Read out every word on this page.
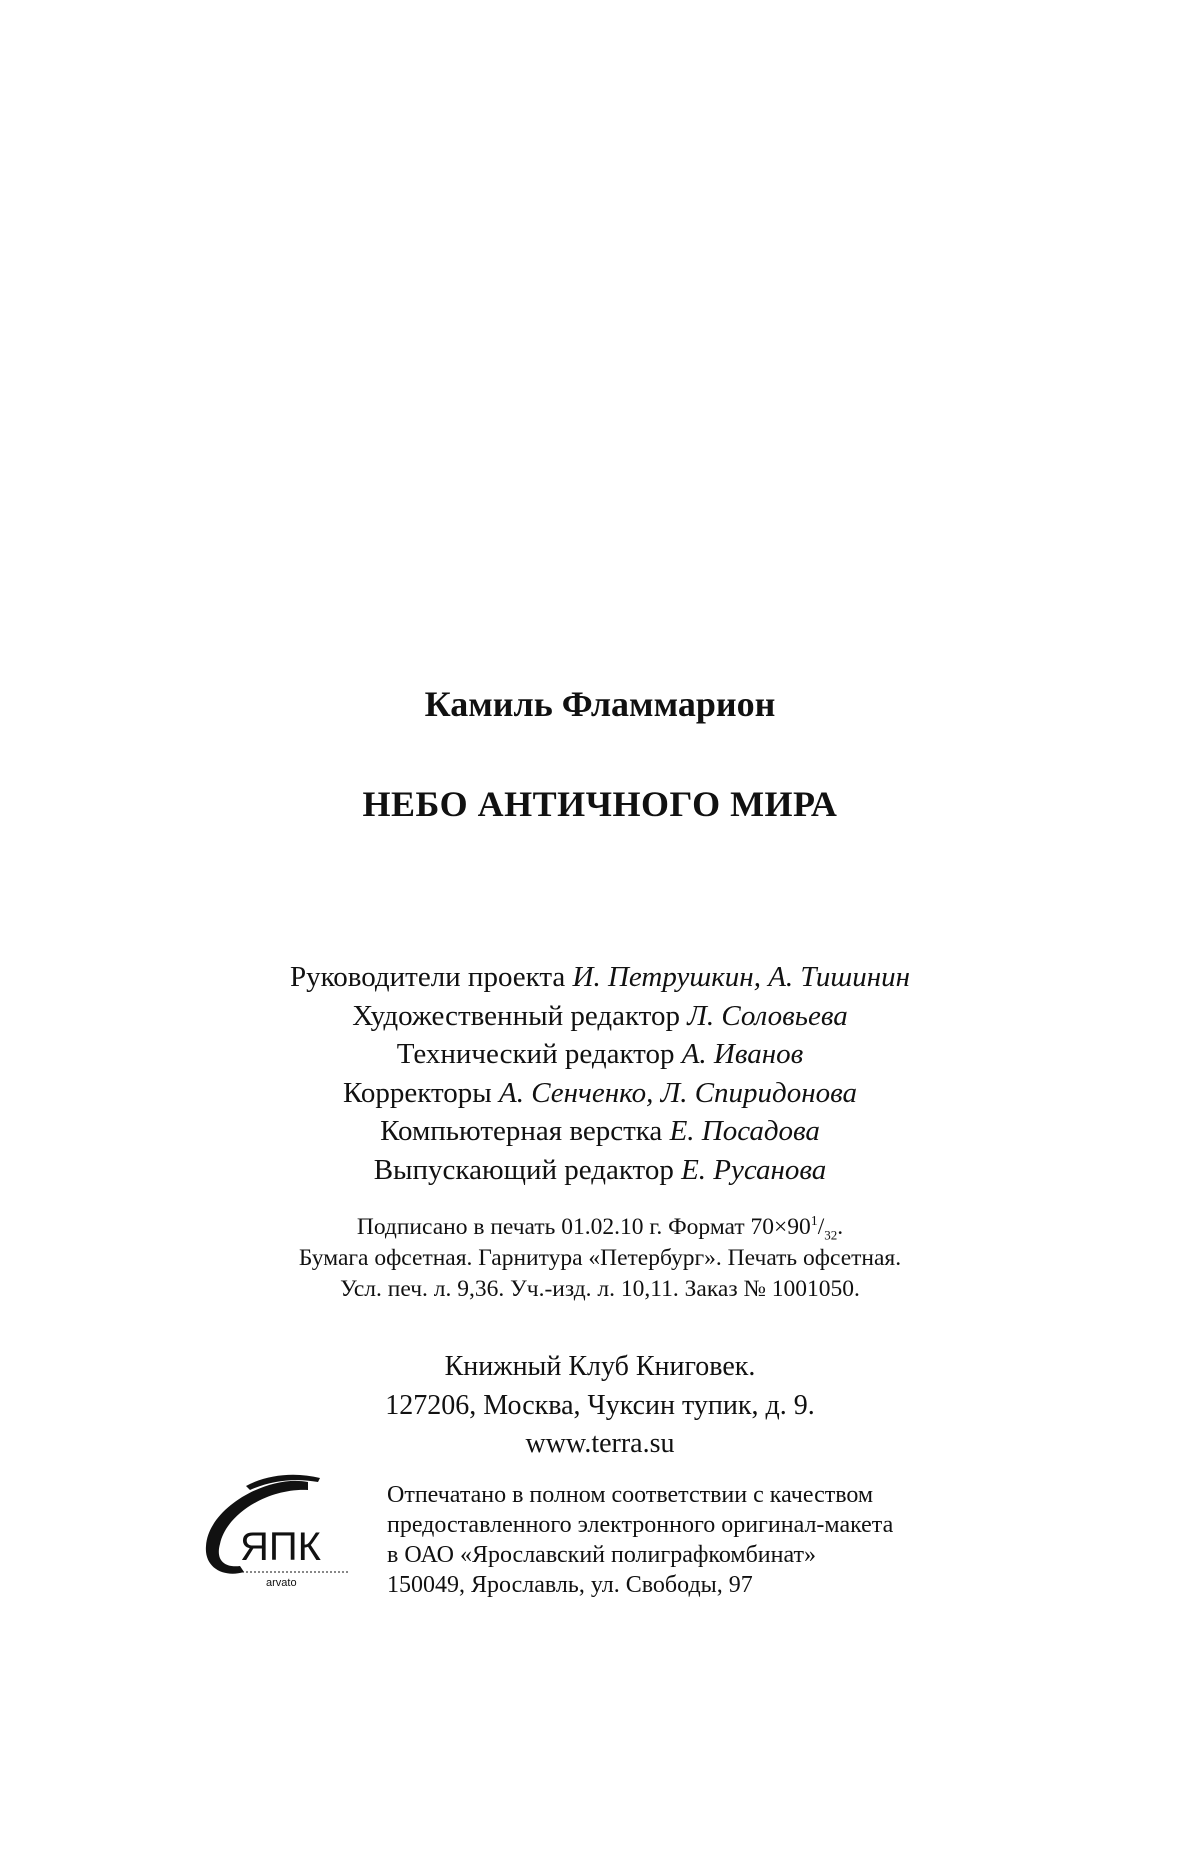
Камиль Фламмарион
НЕБО АНТИЧНОГО МИРА
Руководители проекта И. Петрушкин, А. Тишинин
Художественный редактор Л. Соловьева
Технический редактор А. Иванов
Корректоры А. Сенченко, Л. Спиридонова
Компьютерная верстка Е. Посадова
Выпускающий редактор Е. Русанова
Подписано в печать 01.02.10 г. Формат $70\times 90^1/_{32}$.
Бумага офсетная. Гарнитура «Петербург». Печать офсетная.
Усл. печ. л. 9,36. Уч.-изд. л. 10,11. Заказ № 1001050.
Книжный Клуб Книговек.
127206, Москва, Чуксин тупик, д. 9.
www.terra.su
ЯПК
arvato
Отпечатано в полном соответствии с качеством
предоставленного электронного оригинал-макета
в ОАО «Ярославский полиграфкомбинат»
150049, Ярославль, ул. Свободы, 97
